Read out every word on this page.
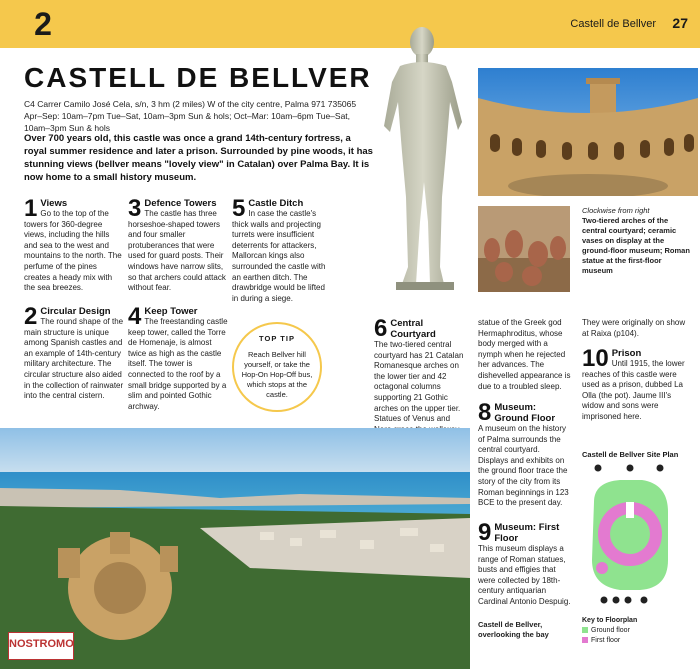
2	Castell de Bellver 27
CASTELL DE BELLVER
C4 Carrer Camilo José Cela, s/n, 3 hm (2 miles) W of the city centre, Palma 971 735065 Apr–Sep: 10am–7pm Tue–Sat, 10am–3pm Sun & hols; Oct–Mar: 10am–6pm Tue–Sat, 10am–3pm Sun & hols
Over 700 years old, this castle was once a grand 14th-century fortress, a royal summer residence and later a prison. Surrounded by pine woods, it has stunning views (bellver means "lovely view" in Catalan) over Palma Bay. It is now home to a small history museum.
1 Views
Go to the top of the towers for 360-degree views, including the hills and sea to the west and mountains to the north. The perfume of the pines creates a heady mix with the sea breezes.
2 Circular Design
The round shape of the main structure is unique among Spanish castles and an example of 14th-century military architecture. The circular structure also aided in the collection of rainwater into the central cistern.
3 Defence Towers
The castle has three horseshoe-shaped towers and four smaller protuberances that were used for guard posts. Their windows have narrow slits, so that archers could attack without fear.
4 Keep Tower
The freestanding castle keep tower, called the Torre de Homenaje, is almost twice as high as the castle itself. The tower is connected to the roof by a small bridge supported by a slim and pointed Gothic archway.
5 Castle Ditch
In case the castle's thick walls and projecting turrets were insufficient deterrents for attackers, Mallorcan kings also surrounded the castle with an earthen ditch. The drawbridge would be lifted in during a siege.
TOP TIP
Reach Bellver hill yourself, or take the Hop-On Hop-Off bus, which stops at the castle.
6 Central Courtyard
The two-tiered central courtyard has 21 Catalan Romanesque arches on the lower tier and 42 octagonal columns supporting 21 Gothic arches on the upper tier. Statues of Venus and
statue of the Greek god Hermaphroditus, whose body merged with a nymph when he rejected her advances. The dishevelled appearance is due to a troubled sleep.
8 Museum: Ground Floor
A museum on the history of Palma surrounds the central courtyard. Displays and exhibits on the ground floor trace the story of the city from its Roman beginnings in 123 BCE to the present day.
9 Museum: First Floor
This museum displays a range of Roman statues, busts and effigies that were collected by 18th-century antiquarian Cardinal Antonio Despuig.
They were originally on show at Raixa (p104).
10 Prison
Until 1915, the lower reaches of this castle were used as a prison, dubbed La Olla (the pot). Jaume III's widow and sons were imprisoned here.
Clockwise from right
Two-tiered arches of the central courtyard; ceramic vases on display at the ground-floor museum; Roman statue at the first-floor museum
Castell de Bellver Site Plan
Castell de Bellver, overlooking the bay
Key to Floorplan
Ground floor
First floor
NOSTROMO
